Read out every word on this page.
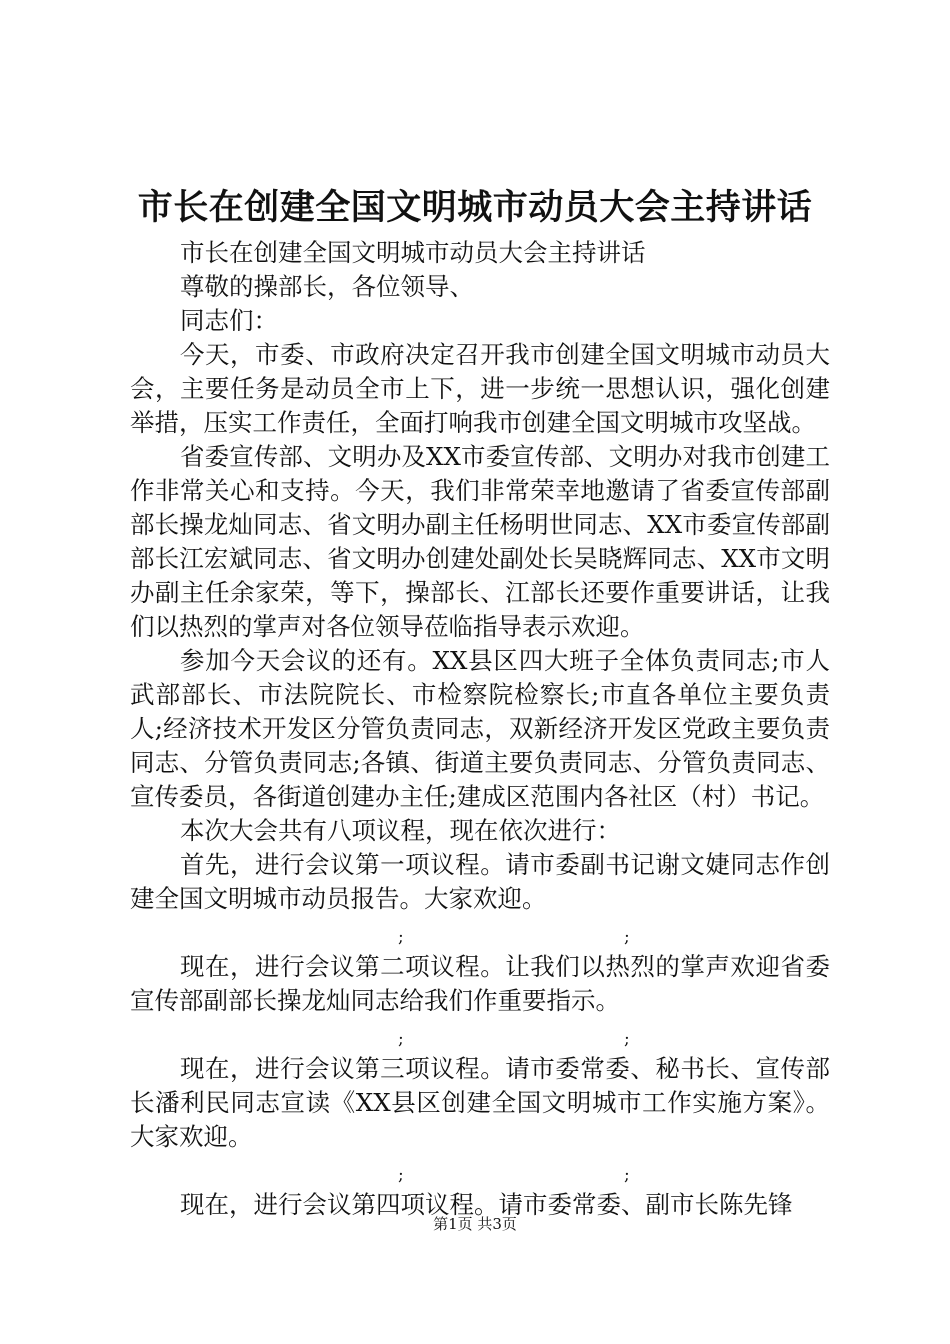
市长在创建全国文明城市动员大会主持讲话

市长在创建全国文明城市动员大会主持讲话

尊敬的操部长，各位领导、

同志们：

今天，市委、市政府决定召开我市创建全国文明城市动员大会，主要任务是动员全市上下，进一步统一思想认识，强化创建举措，压实工作责任，全面打响我市创建全国文明城市攻坚战。

省委宣传部、文明办及XX市委宣传部、文明办对我市创建工作非常关心和支持。今天，我们非常荣幸地邀请了省委宣传部副部长操龙灿同志、省文明办副主任杨明世同志、XX市委宣传部副部长江宏斌同志、省文明办创建处副处长吴晓辉同志、XX市文明办副主任余家荣，等下，操部长、江部长还要作重要讲话，让我们以热烈的掌声对各位领导莅临指导表示欢迎。

参加今天会议的还有。XX县区四大班子全体负责同志;市人武部部长、市法院院长、市检察院检察长;市直各单位主要负责人;经济技术开发区分管负责同志，双新经济开发区党政主要负责同志、分管负责同志;各镇、街道主要负责同志、分管负责同志、宣传委员，各街道创建办主任;建成区范围内各社区（村）书记。

本次大会共有八项议程，现在依次进行：

首先，进行会议第一项议程。请市委副书记谢文婕同志作创建全国文明城市动员报告。大家欢迎。

;	;

现在，进行会议第二项议程。让我们以热烈的掌声欢迎省委宣传部副部长操龙灿同志给我们作重要指示。

;	;

现在，进行会议第三项议程。请市委常委、秘书长、宣传部长潘利民同志宣读《XX县区创建全国文明城市工作实施方案》。大家欢迎。

;	;

现在，进行会议第四项议程。请市委常委、副市长陈先锋

第1页 共3页
